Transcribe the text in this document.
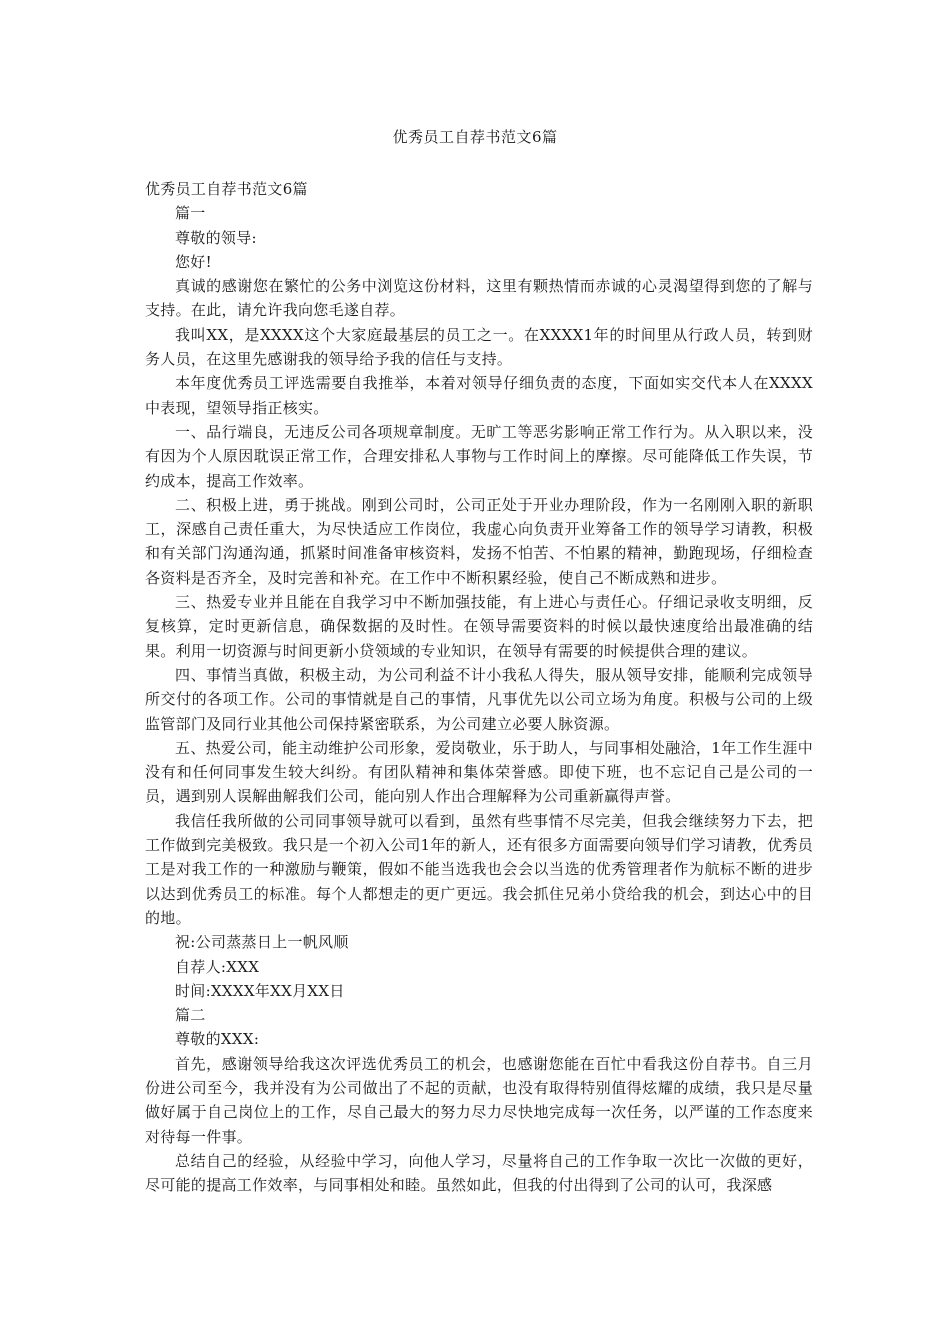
优秀员工自荐书范文6篇

优秀员工自荐书范文6篇

篇一

尊敬的领导:

您好!

真诚的感谢您在繁忙的公务中浏览这份材料，这里有颗热情而赤诚的心灵渴望得到您的了解与支持。在此，请允许我向您毛遂自荐。

我叫XX，是XXXX这个大家庭最基层的员工之一。在XXXX1年的时间里从行政人员，转到财务人员，在这里先感谢我的领导给予我的信任与支持。

本年度优秀员工评选需要自我推举，本着对领导仔细负责的态度，下面如实交代本人在XXXX中表现，望领导指正核实。

一、品行端良，无违反公司各项规章制度。无旷工等恶劣影响正常工作行为。从入职以来，没有因为个人原因耽误正常工作，合理安排私人事物与工作时间上的摩擦。尽可能降低工作失误，节约成本，提高工作效率。

二、积极上进，勇于挑战。刚到公司时，公司正处于开业办理阶段，作为一名刚刚入职的新职工，深感自己责任重大，为尽快适应工作岗位，我虚心向负责开业筹备工作的领导学习请教，积极和有关部门沟通沟通，抓紧时间准备审核资料，发扬不怕苦、不怕累的精神，勤跑现场，仔细检查各资料是否齐全，及时完善和补充。在工作中不断积累经验，使自己不断成熟和进步。

三、热爱专业并且能在自我学习中不断加强技能，有上进心与责任心。仔细记录收支明细，反复核算，定时更新信息，确保数据的及时性。在领导需要资料的时候以最快速度给出最准确的结果。利用一切资源与时间更新小贷领域的专业知识，在领导有需要的时候提供合理的建议。

四、事情当真做，积极主动，为公司利益不计小我私人得失，服从领导安排，能顺利完成领导所交付的各项工作。公司的事情就是自己的事情，凡事优先以公司立场为角度。积极与公司的上级监管部门及同行业其他公司保持紧密联系，为公司建立必要人脉资源。

五、热爱公司，能主动维护公司形象，爱岗敬业，乐于助人，与同事相处融洽，1年工作生涯中没有和任何同事发生较大纠纷。有团队精神和集体荣誉感。即使下班，也不忘记自己是公司的一员，遇到别人误解曲解我们公司，能向别人作出合理解释为公司重新赢得声誉。

我信任我所做的公司同事领导就可以看到，虽然有些事情不尽完美，但我会继续努力下去，把工作做到完美极致。我只是一个初入公司1年的新人，还有很多方面需要向领导们学习请教，优秀员工是对我工作的一种激励与鞭策，假如不能当选我也会会以当选的优秀管理者作为航标不断的进步以达到优秀员工的标准。每个人都想走的更广更远。我会抓住兄弟小贷给我的机会，到达心中的目的地。

祝:公司蒸蒸日上一帆风顺

自荐人:XXX

时间:XXXX年XX月XX日

篇二

尊敬的XXX:

首先，感谢领导给我这次评选优秀员工的机会，也感谢您能在百忙中看我这份自荐书。自三月份进公司至今，我并没有为公司做出了不起的贡献，也没有取得特别值得炫耀的成绩，我只是尽量做好属于自己岗位上的工作，尽自己最大的努力尽力尽快地完成每一次任务，以严谨的工作态度来对待每一件事。

总结自己的经验，从经验中学习，向他人学习，尽量将自己的工作争取一次比一次做的更好，尽可能的提高工作效率，与同事相处和睦。虽然如此，但我的付出得到了公司的认可，我深感
